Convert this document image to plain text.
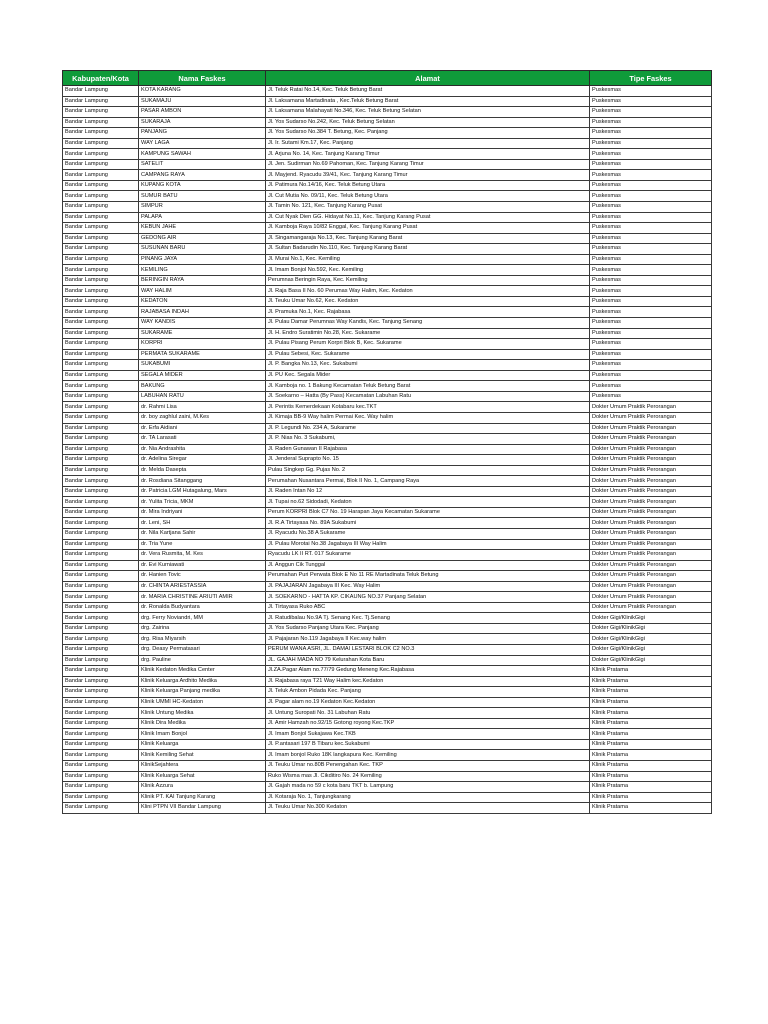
Kabupaten/Kota	Nama Faskes	Alamat	Tipe Faskes
Bandar Lampung	KOTA KARANG	Jl. Teluk Ratai No.14, Kec. Teluk Betung Barat	Puskesmas
Bandar Lampung	SUKAMAJU	Jl. Laksamana Martadinata , Kec.Teluk Betung Barat	Puskesmas
Bandar Lampung	PASAR AMBON	Jl. Laksamana Malahayati No.346, Kec. Teluk Betung Selatan	Puskesmas
Bandar Lampung	SUKARAJA	Jl. Yos Sudarso No.242, Kec. Teluk Betung Selatan	Puskesmas
Bandar Lampung	PANJANG	Jl. Yos Sudarso No.384 T. Betung, Kec. Panjang	Puskesmas
Bandar Lampung	WAY LAGA	Jl. Ir. Sutami Km.17, Kec. Panjang	Puskesmas
Bandar Lampung	KAMPUNG SAWAH	Jl. Arjuna No. 14, Kec. Tanjung Karang Timur	Puskesmas
Bandar Lampung	SATELIT	Jl. Jen. Sudirman No.69 Pahoman, Kec. Tanjung Karang Timur	Puskesmas
Bandar Lampung	CAMPANG RAYA	Jl. Mayjend. Ryacudu 39/41, Kec. Tanjung Karang Timur	Puskesmas
Bandar Lampung	KUPANG KOTA	Jl. Patimura No.14/16, Kec. Teluk Betung Utara	Puskesmas
Bandar Lampung	SUMUR BATU	Jl. Cut Mutia No. 09/11, Kec. Teluk Betung Utara	Puskesmas
Bandar Lampung	SIMPUR	Jl. Tamin No. 121, Kec. Tanjung Karang Pusat	Puskesmas
Bandar Lampung	PALAPA	Jl. Cut Nyak Dien GG. Hidayat No.11, Kec. Tanjung Karang Pusat	Puskesmas
Bandar Lampung	KEBUN JAHE	Jl. Kamboja Raya 10/82 Enggal, Kec. Tanjung Karang Pusat	Puskesmas
Bandar Lampung	GEDONG AIR	Jl. Singamangaraja No.13, Kec. Tanjung Karang Barat	Puskesmas
Bandar Lampung	SUSUNAN BARU	Jl. Sultan Badarudin No.110, Kec. Tanjung Karang Barat	Puskesmas
Bandar Lampung	PINANG JAYA	Jl. Murai No.1, Kec. Kemiling	Puskesmas
Bandar Lampung	KEMILING	Jl. Imam Bonjol No.592, Kec. Kemiling	Puskesmas
Bandar Lampung	BERINGIN RAYA	Perumnas Beringin Raya, Kec. Kemiling	Puskesmas
Bandar Lampung	WAY HALIM	Jl. Raja Basa II No. 60 Perumas Way Halim, Kec. Kedaton	Puskesmas
Bandar Lampung	KEDATON	Jl. Teuku Umar No.62, Kec. Kedaton	Puskesmas
Bandar Lampung	RAJABASA INDAH	Jl. Pramuka No.1, Kec. Rajabasa	Puskesmas
Bandar Lampung	WAY KANDIS	Jl. Pulau Damar Perumnas Way Kandis, Kec. Tanjung Senang	Puskesmas
Bandar Lampung	SUKARAME	Jl. H. Endro Suratimin No.28, Kec. Sukarame	Puskesmas
Bandar Lampung	KORPRI	Jl. Pulau Pisang Perum Korpri Blok B, Kec. Sukarame	Puskesmas
Bandar Lampung	PERMATA SUKARAME	Jl. Pulau Sebesi, Kec. Sukarame	Puskesmas
Bandar Lampung	SUKABUMI	Jl. P. Bangka No.13, Kec. Sukabumi	Puskesmas
Bandar Lampung	SEGALA MIDER	Jl. PU Kec. Segala Mider	Puskesmas
Bandar Lampung	BAKUNG	Jl. Kamboja no. 1 Bakung Kecamatan Teluk Betung Barat	Puskesmas
Bandar Lampung	LABUHAN RATU	Jl. Soekarno – Hatta (By Pass) Kecamatan Labuhan Ratu	Puskesmas
Bandar Lampung	dr. Rahmi Lisa	Jl. Perintis Kemerdekaan Kotabaru kec.TKT	Dokter Umum Praktik Perorangan
Bandar Lampung	dr. boy zaghlul zaini, M.Kes	Jl. Kimaja BB-9 Way halim Permai Kec. Way halim	Dokter Umum Praktik Perorangan
Bandar Lampung	dr. Erfa Aidiani	Jl. P. Legundi No. 234 A, Sukarame	Dokter Umum Praktik Perorangan
Bandar Lampung	dr. TA Larasati	Jl. P. Nias No. 3 Sukabumi,	Dokter Umum Praktik Perorangan
Bandar Lampung	dr. Nia Andrashita	Jl. Raden Gunawan II Rajabasa	Dokter Umum Praktik Perorangan
Bandar Lampung	dr. Adelina Siregar	Jl. Jenderal Suprapto No. 15	Dokter Umum Praktik Perorangan
Bandar Lampung	dr. Melda Dasepta	Pulau Singkep Gg. Pujas No. 2	Dokter Umum Praktik Perorangan
Bandar Lampung	dr. Rosdiana Sitanggang	Perumahan Nusantara Permai, Blok II No. 1, Campang Raya	Dokter Umum Praktik Perorangan
Bandar Lampung	dr. Patricia LGM Hutagalung, Mars	Jl. Raden Intan No 12	Dokter Umum Praktik Perorangan
Bandar Lampung	dr. Yulita Tricia, MKM	Jl. Tupai no.62 Sidodadi, Kedaton	Dokter Umum Praktik Perorangan
Bandar Lampung	dr. Mira Indriyani	Perum KORPRI Blok C7 No. 19 Harapan Jaya Kecamatan Sukarame	Dokter Umum Praktik Perorangan
Bandar Lampung	dr. Leni, SH	Jl. R.A Tirtayasa No. 89A Sukabumi	Dokter Umum Praktik Perorangan
Bandar Lampung	dr. Nila Kartjana Sahir	Jl. Ryacudu No.38 A Sukarame	Dokter Umum Praktik Perorangan
Bandar Lampung	dr. Tria Yune	Jl. Pulau Morotai No.38 Jagabaya III Way Halim	Dokter Umum Praktik Perorangan
Bandar Lampung	dr. Vera Rusmita, M. Kes	Ryacudu LK II RT. 017 Sukarame	Dokter Umum Praktik Perorangan
Bandar Lampung	dr. Evi Kurniawati	Jl. Anggun Cik Tunggal	Dokter Umum Praktik Perorangan
Bandar Lampung	dr. Hanien Tovic	Perumahan Puri Perwata Blok E No 11 RE Martadinata Teluk Betung	Dokter Umum Praktik Perorangan
Bandar Lampung	dr. CHINTA ARIESTASSIA	Jl. PAJAJARAN Jagabaya III Kec. Way Halim	Dokter Umum Praktik Perorangan
Bandar Lampung	dr. MARIA CHRISTINE ARIUTI AMIR	Jl. SOEKARNO - HATTA KP. CIKAUNG NO.37 Panjang Selatan	Dokter Umum Praktik Perorangan
Bandar Lampung	dr. Ronalda Budyantara	Jl. Tirtayasa Ruko ABC	Dokter Umum Praktik Perorangan
Bandar Lampung	drg. Ferry Noviandri, MM	Jl. Ratudibalau No.9A Tj. Senang Kec. Tj.Senang	Dokter Gigi/KlinikGigi
Bandar Lampung	drg. Zairina	Jl. Yos Sudarso Panjang Utara Kec. Panjang	Dokter Gigi/KlinikGigi
Bandar Lampung	drg. Risa Miyarsih	Jl. Pajajaran No.119 Jagabaya II Kec.way halim	Dokter Gigi/KlinikGigi
Bandar Lampung	drg. Deasy Permatasari	PERUM WANA ASRI, JL. DAMAI LESTARI BLOK C2 NO.3	Dokter Gigi/KlinikGigi
Bandar Lampung	drg. Pauline	JL. GAJAH MADA NO 79 Kelurahan Kota Baru	Dokter Gigi/KlinikGigi
Bandar Lampung	Klinik Kedaton Medika Center	Jl.ZA.Pagar Alam no.77/79 Gedung Meneng Kec.Rajabasa	Klinik Pratama
Bandar Lampung	Klinik Keluarga Ardhito Medika	Jl. Rajabasa raya T21 Way Halim kec.Kedaton	Klinik Pratama
Bandar Lampung	Klinik Keluarga Panjang medika	Jl. Teluk Ambon Pidada Kec. Panjang	Klinik Pratama
Bandar Lampung	Klinik UMMI HC-Kedaton	Jl. Pagar alam no.19 Kedaton Kec.Kedaton	Klinik Pratama
Bandar Lampung	Klinik Untung Medika	Jl. Untung Suropati No. 31 Labuhan Ratu	Klinik Pratama
Bandar Lampung	Klinik Dira Medika	Jl. Amir Hamzah no.92/15 Gotong royong Kec.TKP	Klinik Pratama
Bandar Lampung	Klinik Imam Bonjol	Jl. Imam Bonjol Sukajawa Kec.TKB	Klinik Pratama
Bandar Lampung	Klinik Keluarga	Jl. P.antasari 197 B Tibaru kec.Sukabumi	Klinik Pratama
Bandar Lampung	Klinik Kemiling Sehat	Jl. Imam bonjol Ruko 18K langkapura Kec. Kemiling	Klinik Pratama
Bandar Lampung	KlinikSejahtera	Jl. Teuku Umar no.80B Penengahan Kec. TKP	Klinik Pratama
Bandar Lampung	Klinik Keluarga Sehat	Ruko Wisma mas Jl. Cikditiro No. 24 Kemiling	Klinik Pratama
Bandar Lampung	Klinik Azzura	Jl. Gajah mada no 59 c kota baru TKT b. Lampung	Klinik Pratama
Bandar Lampung	Klinik PT. KAI Tanjung Karang	Jl. Kotaraja No. 1, Tanjungkarang	Klinik Pratama
Bandar Lampung	Klini PTPN VII Bandar Lampung	Jl. Teuku Umar No.300 Kedaton	Klinik Pratama
